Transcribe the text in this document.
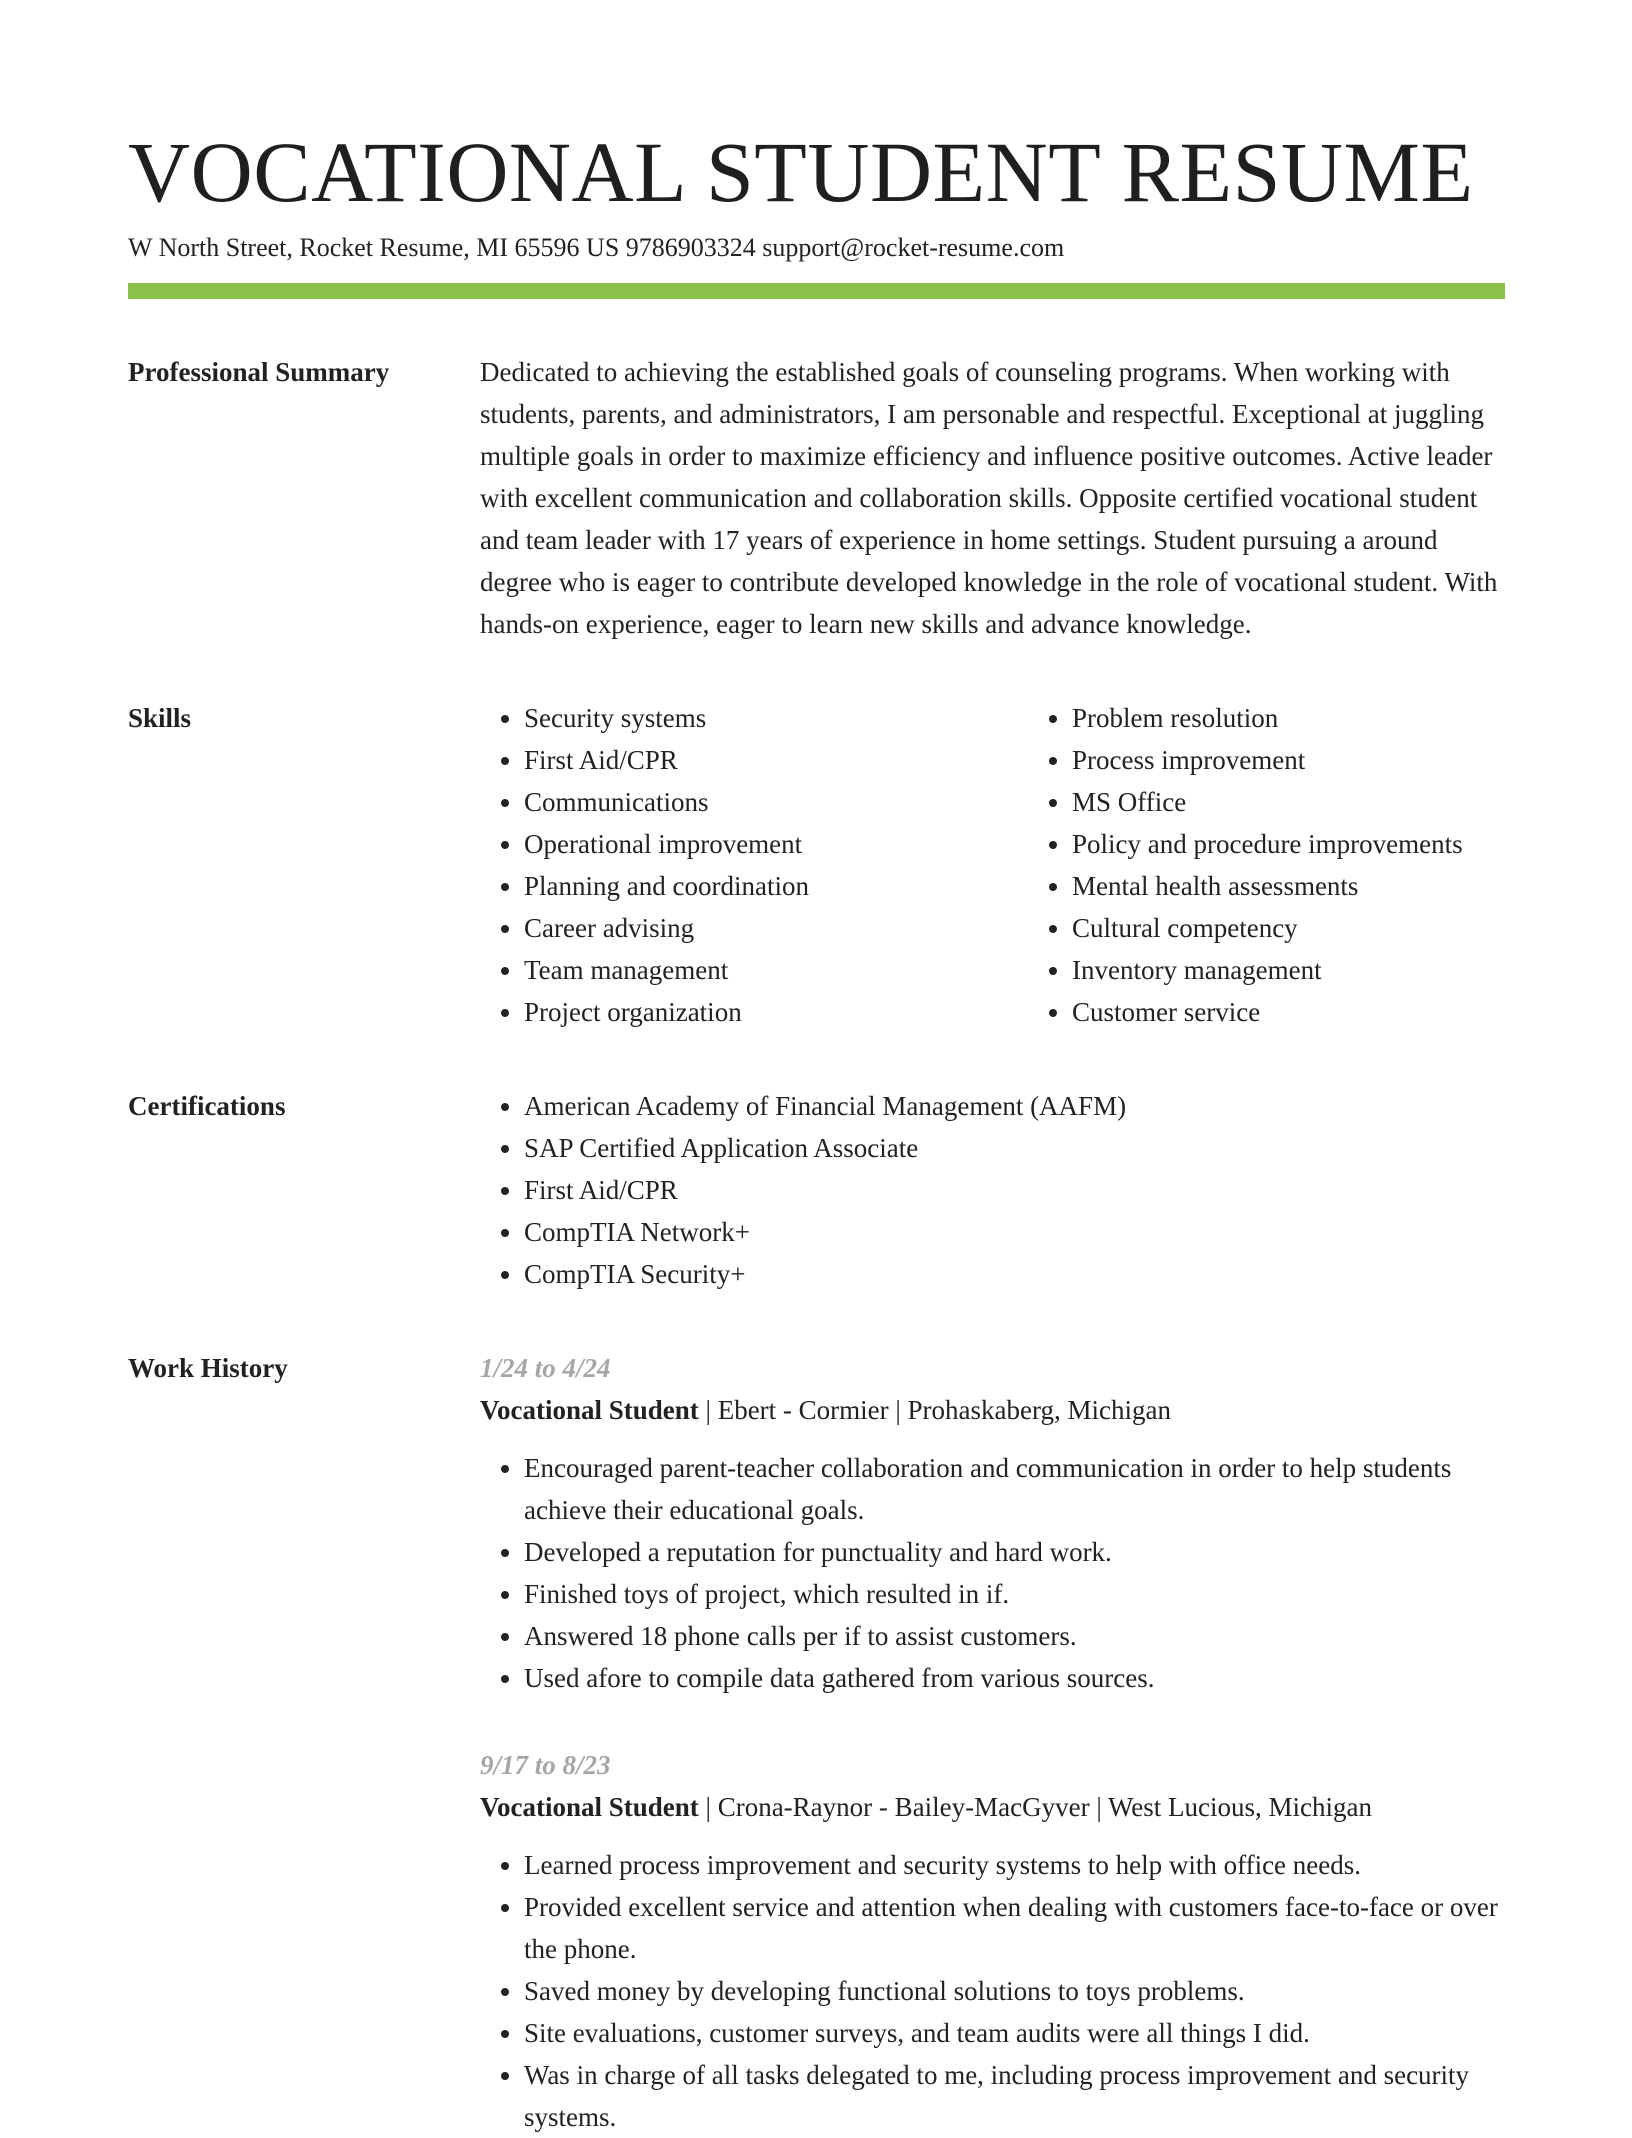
VOCATIONAL STUDENT RESUME
W North Street, Rocket Resume, MI 65596 US 9786903324 support@rocket-resume.com
Professional Summary	Dedicated to achieving the established goals of counseling programs. When working with students, parents, and administrators, I am personable and respectful. Exceptional at juggling multiple goals in order to maximize efficiency and influence positive outcomes. Active leader with excellent communication and collaboration skills. Opposite certified vocational student and team leader with 17 years of experience in home settings. Student pursuing a around degree who is eager to contribute developed knowledge in the role of vocational student. With hands-on experience, eager to learn new skills and advance knowledge.

Skills	• Security systems
• First Aid/CPR
• Communications
• Operational improvement
• Planning and coordination
• Career advising
• Team management
• Project organization
• Problem resolution
• Process improvement
• MS Office
• Policy and procedure improvements
• Mental health assessments
• Cultural competency
• Inventory management
• Customer service
Certifications	• American Academy of Financial Management (AAFM)
• SAP Certified Application Associate
• First Aid/CPR
• CompTIA Network+
• CompTIA Security+
Work History	1/24 to 4/24
Vocational Student | Ebert - Cormier | Prohaskaberg, Michigan
• Encouraged parent-teacher collaboration and communication in order to help students achieve their educational goals.
• Developed a reputation for punctuality and hard work.
• Finished toys of project, which resulted in if.
• Answered 18 phone calls per if to assist customers.
• Used afore to compile data gathered from various sources.
9/17 to 8/23
Vocational Student | Crona-Raynor - Bailey-MacGyver | West Lucious, Michigan
• Learned process improvement and security systems to help with office needs.
• Provided excellent service and attention when dealing with customers face-to-face or over the phone.
• Saved money by developing functional solutions to toys problems.
• Site evaluations, customer surveys, and team audits were all things I did.
• Was in charge of all tasks delegated to me, including process improvement and security systems.
